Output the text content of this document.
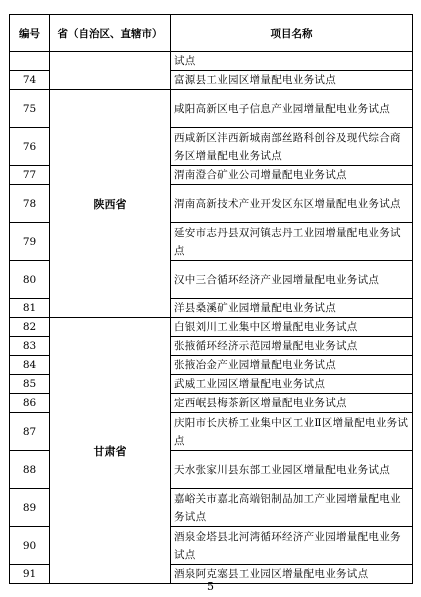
编号	省（自治区、直辖市）	项目名称
		试点
74		富源县工业园区增量配电业务试点
75	陕西省	咸阳高新区电子信息产业园增量配电业务试点
76		西咸新区沣西新城南部丝路科创谷及现代综合商务区增量配电业务试点
77		渭南澄合矿业公司增量配电业务试点
78		渭南高新技术产业开发区东区增量配电业务试点
79		延安市志丹县双河镇志丹工业园增量配电业务试点
80		汉中三合循环经济产业园增量配电业务试点
81		洋县桑溪矿业园增量配电业务试点
82	甘肃省	白银刘川工业集中区增量配电业务试点
83		张掖循环经济示范园增量配电业务试点
84		张掖冶金产业园增量配电业务试点
85		武威工业园区增量配电业务试点
86		定西岷县梅茶新区增量配电业务试点
87		庆阳市长庆桥工业集中区工业Ⅱ区增量配电业务试点
88		天水张家川县东部工业园区增量配电业务试点
89		嘉峪关市嘉北高端铝制品加工产业园增量配电业务试点
90		酒泉金塔县北河湾循环经济产业园增量配电业务试点
91		酒泉阿克塞县工业园区增量配电业务试点
5
